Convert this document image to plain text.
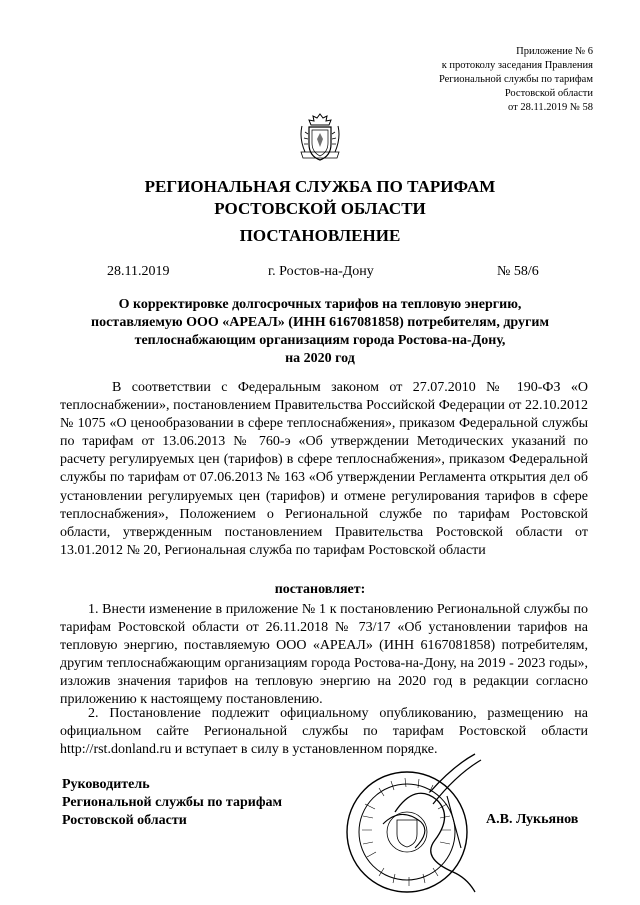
Приложение № 6
к протоколу заседания Правления
Региональной службы по тарифам
Ростовской области
от 28.11.2019 № 58
РЕГИОНАЛЬНАЯ СЛУЖБА ПО ТАРИФАМ
РОСТОВСКОЙ ОБЛАСТИ
ПОСТАНОВЛЕНИЕ
28.11.2019	г. Ростов-на-Дону	№ 58/6
О корректировке долгосрочных тарифов на тепловую энергию,
поставляемую ООО «АРЕАЛ» (ИНН 6167081858) потребителям, другим
теплоснабжающим организациям города Ростова-на-Дону,
на 2020 год

В соответствии с Федеральным законом от 27.07.2010 № 190-ФЗ «О теплоснабжении», постановлением Правительства Российской Федерации от 22.10.2012 № 1075 «О ценообразовании в сфере теплоснабжения», приказом Федеральной службы по тарифам от 13.06.2013 № 760-э «Об утверждении Методических указаний по расчету регулируемых цен (тарифов) в сфере теплоснабжения», приказом Федеральной службы по тарифам от 07.06.2013 № 163 «Об утверждении Регламента открытия дел об установлении регулируемых цен (тарифов) и отмене регулирования тарифов в сфере теплоснабжения», Положением о Региональной службе по тарифам Ростовской области, утвержденным постановлением Правительства Ростовской области от 13.01.2012 № 20, Региональная служба по тарифам Ростовской области

постановляет:

1. Внести изменение в приложение № 1 к постановлению Региональной службы по тарифам Ростовской области от 26.11.2018 № 73/17 «Об установлении тарифов на тепловую энергию, поставляемую ООО «АРЕАЛ» (ИНН 6167081858) потребителям, другим теплоснабжающим организациям города Ростова-на-Дону, на 2019 - 2023 годы», изложив значения тарифов на тепловую энергию на 2020 год в редакции согласно приложению к настоящему постановлению.

2. Постановление подлежит официальному опубликованию, размещению на официальном сайте Региональной службы по тарифам Ростовской области http://rst.donland.ru и вступает в силу в установленном порядке.

Руководитель
Региональной службы по тарифам
Ростовской области	А.В. Лукьянов
